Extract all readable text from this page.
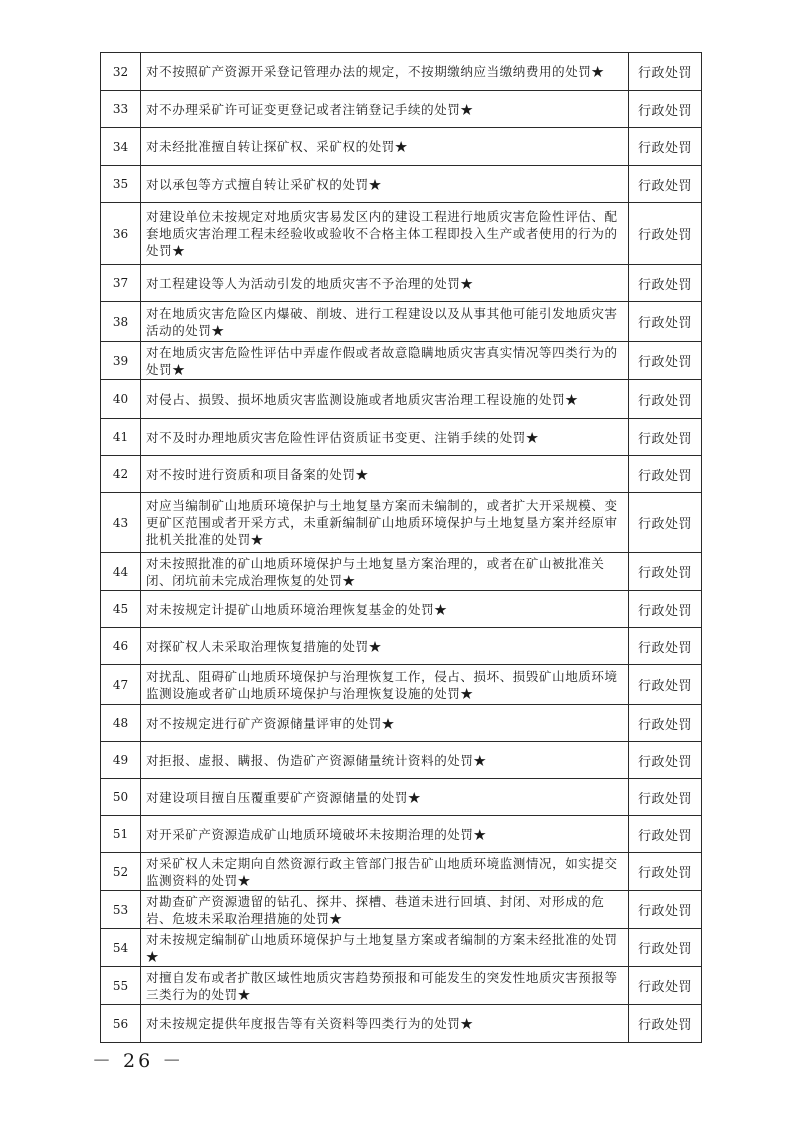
32	对不按照矿产资源开采登记管理办法的规定，不按期缴纳应当缴纳费用的处罚★	行政处罚
33	对不办理采矿许可证变更登记或者注销登记手续的处罚★	行政处罚
34	对未经批准擅自转让探矿权、采矿权的处罚★	行政处罚
35	对以承包等方式擅自转让采矿权的处罚★	行政处罚
36	对建设单位未按规定对地质灾害易发区内的建设工程进行地质灾害危险性评估、配套地质灾害治理工程未经验收或验收不合格主体工程即投入生产或者使用的行为的处罚★	行政处罚
37	对工程建设等人为活动引发的地质灾害不予治理的处罚★	行政处罚
38	对在地质灾害危险区内爆破、削坡、进行工程建设以及从事其他可能引发地质灾害活动的处罚★	行政处罚
39	对在地质灾害危险性评估中弄虚作假或者故意隐瞒地质灾害真实情况等四类行为的处罚★	行政处罚
40	对侵占、损毁、损坏地质灾害监测设施或者地质灾害治理工程设施的处罚★	行政处罚
41	对不及时办理地质灾害危险性评估资质证书变更、注销手续的处罚★	行政处罚
42	对不按时进行资质和项目备案的处罚★	行政处罚
43	对应当编制矿山地质环境保护与土地复垦方案而未编制的，或者扩大开采规模、变更矿区范围或者开采方式，未重新编制矿山地质环境保护与土地复垦方案并经原审批机关批准的处罚★	行政处罚
44	对未按照批准的矿山地质环境保护与土地复垦方案治理的，或者在矿山被批准关闭、闭坑前未完成治理恢复的处罚★	行政处罚
45	对未按规定计提矿山地质环境治理恢复基金的处罚★	行政处罚
46	对探矿权人未采取治理恢复措施的处罚★	行政处罚
47	对扰乱、阻碍矿山地质环境保护与治理恢复工作，侵占、损坏、损毁矿山地质环境监测设施或者矿山地质环境保护与治理恢复设施的处罚★	行政处罚
48	对不按规定进行矿产资源储量评审的处罚★	行政处罚
49	对拒报、虚报、瞒报、伪造矿产资源储量统计资料的处罚★	行政处罚
50	对建设项目擅自压覆重要矿产资源储量的处罚★	行政处罚
51	对开采矿产资源造成矿山地质环境破坏未按期治理的处罚★	行政处罚
52	对采矿权人未定期向自然资源行政主管部门报告矿山地质环境监测情况，如实提交监测资料的处罚★	行政处罚
53	对勘查矿产资源遗留的钻孔、探井、探槽、巷道未进行回填、封闭、对形成的危岩、危坡未采取治理措施的处罚★	行政处罚
54	对未按规定编制矿山地质环境保护与土地复垦方案或者编制的方案未经批准的处罚★	行政处罚
55	对擅自发布或者扩散区域性地质灾害趋势预报和可能发生的突发性地质灾害预报等三类行为的处罚★	行政处罚
56	对未按规定提供年度报告等有关资料等四类行为的处罚★	行政处罚
－ 26 －
